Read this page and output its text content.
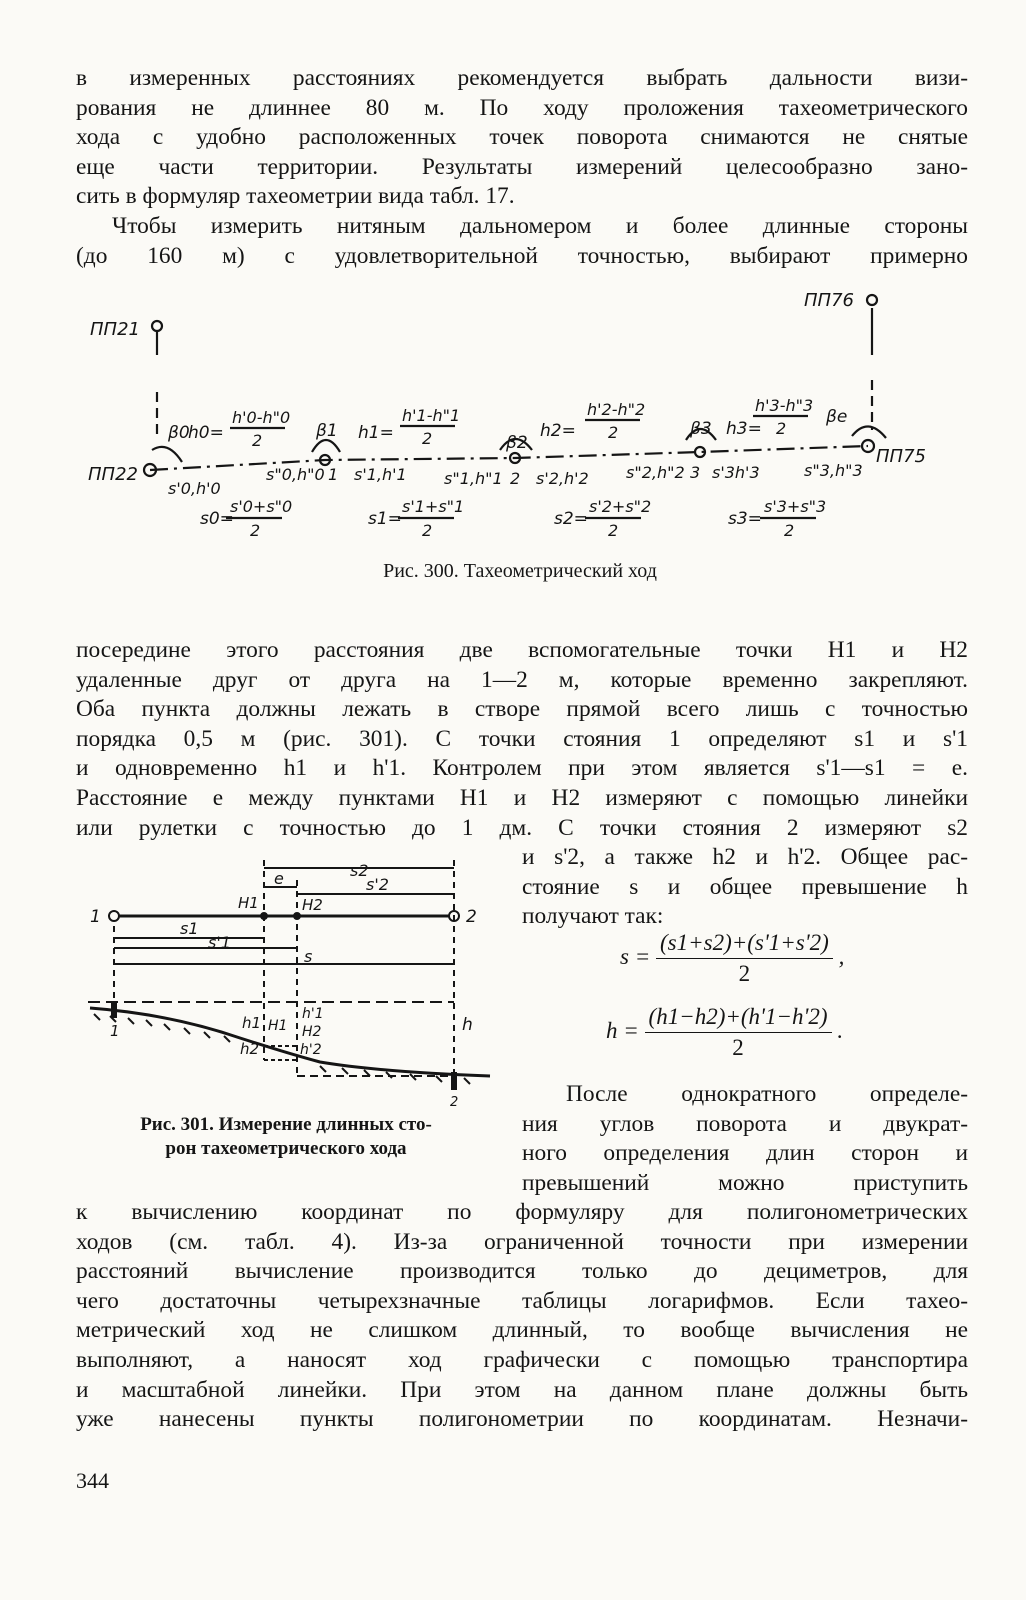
в измеренных расстояниях рекомендуется выбрать дальности визи-
рования не длиннее 80 м. По ходу проложения тахеометрического
хода с удобно расположенных точек поворота снимаются не снятые
еще части территории. Результаты измерений целесообразно зано-
сить в формуляр тахеометрии вида табл. 17.
Чтобы измерить нитяным дальномером и более длинные стороны
(до 160 м) с удовлетворительной точностью, выбирают примерно
ПП21
ПП22
ПП76
ПП75
β0	β1
β2
β3
βe
h0=
h'0-h"0
2	h1=
h'1-h"1
2	h2=
h'2-h"2
2	h3=
h'3-h"3
2
s'0,h'0
s"0,h"0 1 s'1,h'1 s"1,h"1 2 s'2,h'2 s"2,h"2 3 s'3h'3	s"3,h"3
s0=
s'0+s"0
2
s1=
s'1+s"1
2
s2=
s'2+s"2
2
s3=
s'3+s"3
2
Рис. 300. Тахеометрический ход
посередине этого расстояния две вспомогательные точки H1 и H2
удаленные друг от друга на 1—2 м, которые временно закрепляют.
Оба пункта должны лежать в створе прямой всего лишь с точностью
порядка 0,5 м (рис. 301). С точки стояния 1 определяют s1 и s'1
и одновременно h1 и h'1. Контролем при этом является s'1—s1 = e.
Расстояние e между пунктами H1 и H2 измеряют с помощью линейки
или рулетки с точностью до 1 дм. С точки стояния 2 измеряют s2
и s'2, а также h2 и h'2. Общее рас-
стояние s и общее превышение h
получают так:
$s = \frac{(s1+s2)+(s'1+s'2)}{2}$ ,
$h = \frac{(h1-h2)+(h'1-h'2)}{2}$ .
1	2
s2
s'2
e
H1	H2
s1
s'1
s
h1 H1
h'1
H2
h2	h'2
h
1
2
Рис. 301. Измерение длинных сто-
рон тахеометрического хода
После однократного определе-
ния углов поворота и двукрат-
ного определения длин сторон и
превышений можно приступить
к вычислению координат по формуляру для полигонометрических
ходов (см. табл. 4). Из-за ограниченной точности при измерении
расстояний вычисление производится только до дециметров, для
чего достаточны четырехзначные таблицы логарифмов. Если тахео-
метрический ход не слишком длинный, то вообще вычисления не
выполняют, а наносят ход графически с помощью транспортира
и масштабной линейки. При этом на данном плане должны быть
уже нанесены пункты полигонометрии по координатам. Незначи-
344
